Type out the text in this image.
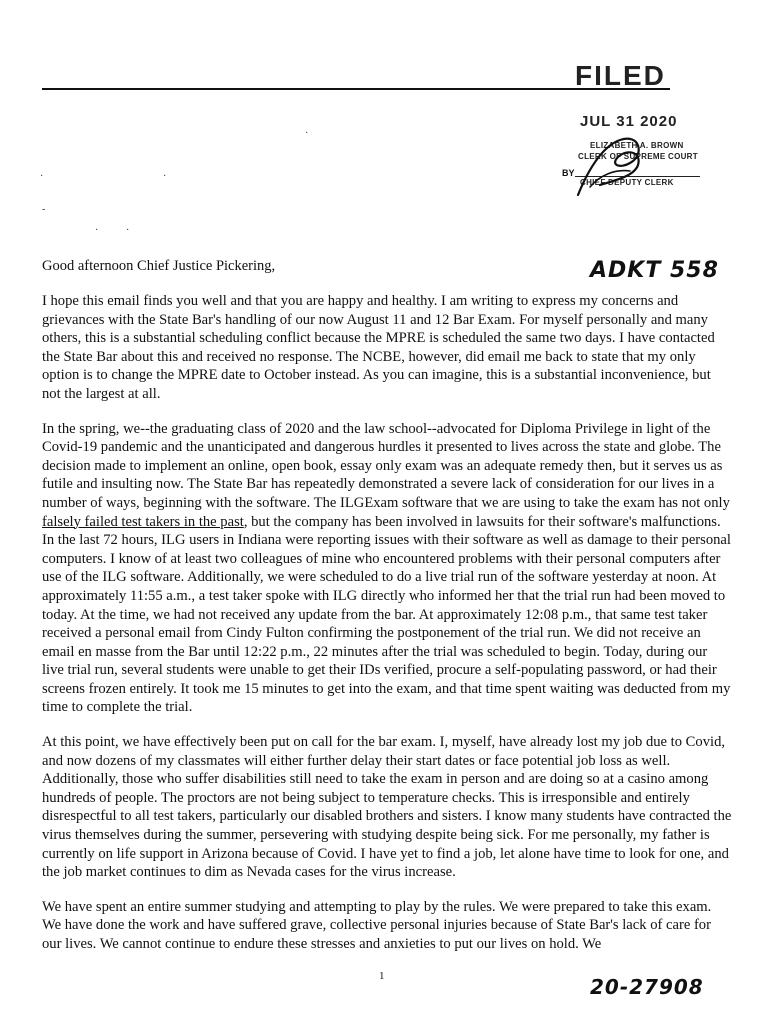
FILED
JUL 31 2020
ELIZABETH A. BROWN
CLERK OF SUPREME COURT
BY
CHIEF DEPUTY CLERK
·
·	·
-
·	·
ADKT 558
Good afternoon Chief Justice Pickering,

I hope this email finds you well and that you are happy and healthy. I am writing to express my concerns and grievances with the State Bar's handling of our now August 11 and 12 Bar Exam. For myself personally and many others, this is a substantial scheduling conflict because the MPRE is scheduled the same two days. I have contacted the State Bar about this and received no response. The NCBE, however, did email me back to state that my only option is to change the MPRE date to October instead. As you can imagine, this is a substantial inconvenience, but not the largest at all.

In the spring, we--the graduating class of 2020 and the law school--advocated for Diploma Privilege in light of the Covid-19 pandemic and the unanticipated and dangerous hurdles it presented to lives across the state and globe. The decision made to implement an online, open book, essay only exam was an adequate remedy then, but it serves us as futile and insulting now. The State Bar has repeatedly demonstrated a severe lack of consideration for our lives in a number of ways, beginning with the software. The ILGExam software that we are using to take the exam has not only falsely failed test takers in the past, but the company has been involved in lawsuits for their software's malfunctions. In the last 72 hours, ILG users in Indiana were reporting issues with their software as well as damage to their personal computers. I know of at least two colleagues of mine who encountered problems with their personal computers after use of the ILG software. Additionally, we were scheduled to do a live trial run of the software yesterday at noon. At approximately 11:55 a.m., a test taker spoke with ILG directly who informed her that the trial run had been moved to today. At the time, we had not received any update from the bar. At approximately 12:08 p.m., that same test taker received a personal email from Cindy Fulton confirming the postponement of the trial run. We did not receive an email en masse from the Bar until 12:22 p.m., 22 minutes after the trial was scheduled to begin. Today, during our live trial run, several students were unable to get their IDs verified, procure a self-populating password, or had their screens frozen entirely. It took me 15 minutes to get into the exam, and that time spent waiting was deducted from my time to complete the trial.

At this point, we have effectively been put on call for the bar exam. I, myself, have already lost my job due to Covid, and now dozens of my classmates will either further delay their start dates or face potential job loss as well. Additionally, those who suffer disabilities still need to take the exam in person and are doing so at a casino among hundreds of people. The proctors are not being subject to temperature checks. This is irresponsible and entirely disrespectful to all test takers, particularly our disabled brothers and sisters. I know many students have contracted the virus themselves during the summer, persevering with studying despite being sick. For me personally, my father is currently on life support in Arizona because of Covid. I have yet to find a job, let alone have time to look for one, and the job market continues to dim as Nevada cases for the virus increase.

We have spent an entire summer studying and attempting to play by the rules. We were prepared to take this exam. We have done the work and have suffered grave, collective personal injuries because of State Bar's lack of care for our lives. We cannot continue to endure these stresses and anxieties to put our lives on hold. We

1	20-27908
